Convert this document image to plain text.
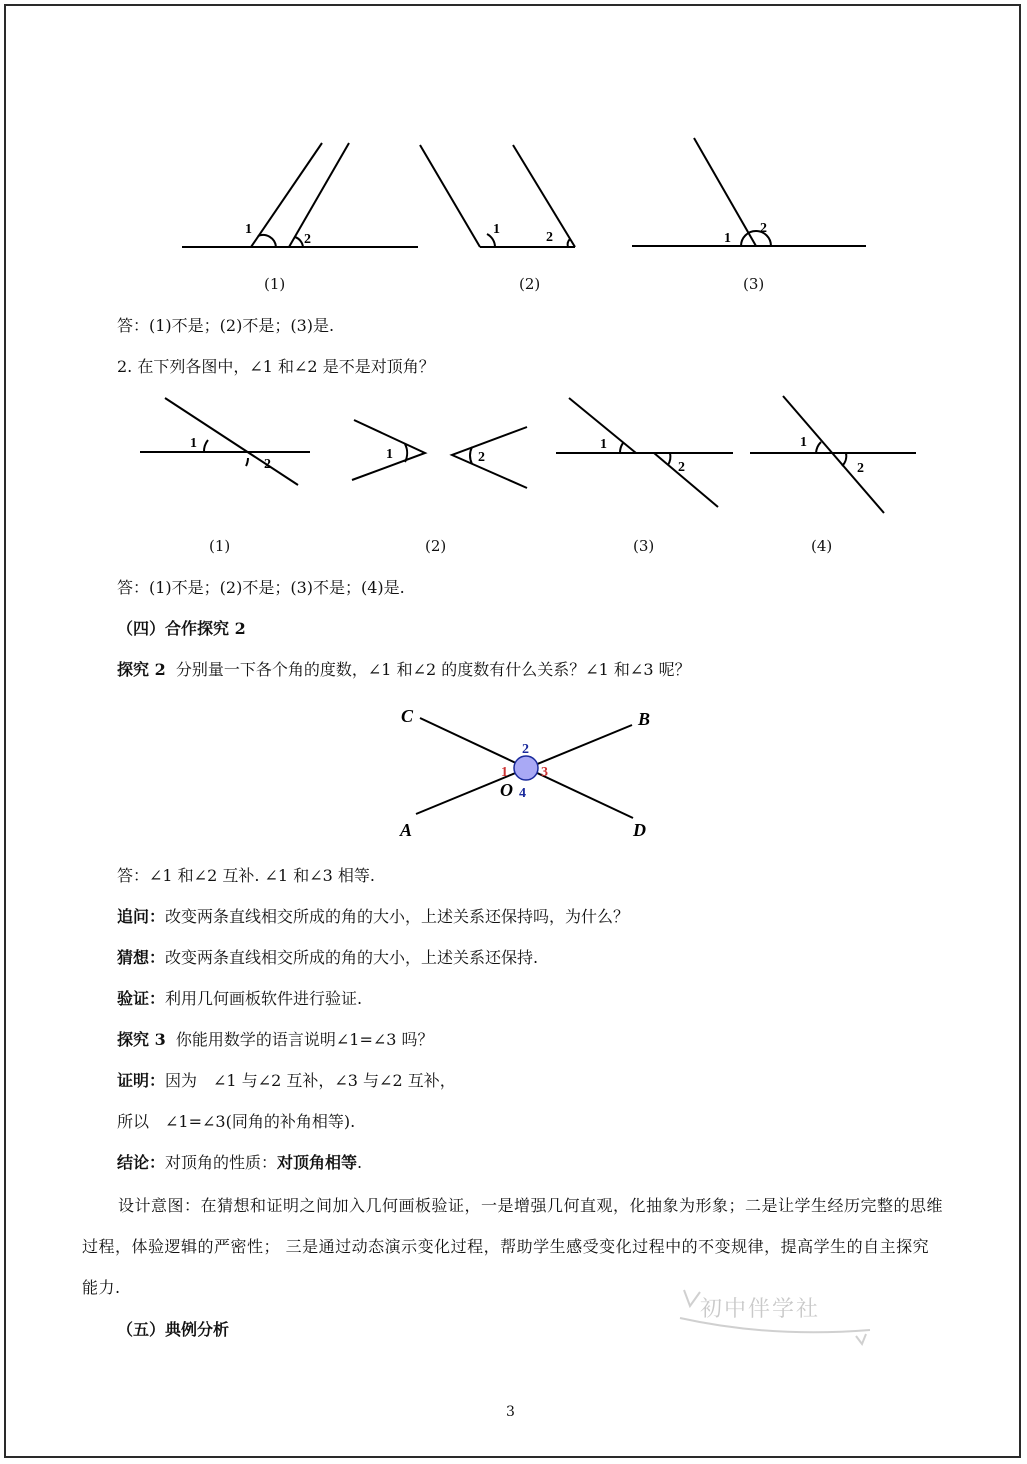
1
2
1
2	1
2
(1)	(2)	(3)
答：(1)不是；(2)不是；(3)是.
2. 在下列各图中，∠1 和∠2 是不是对顶角？
1
2
1	2
1
2
1
2
(1)	(2)	(3)	(4)
答：(1)不是；(2)不是；(3)不是；(4)是.
（四）合作探究 2
探究 2 分别量一下各个角的度数，∠1 和∠2 的度数有什么关系？∠1 和∠3 呢？
C	B
A	D
O
1
2
3
4
答：∠1 和∠2 互补. ∠1 和∠3 相等.
追问：改变两条直线相交所成的角的大小，上述关系还保持吗，为什么？
猜想：改变两条直线相交所成的角的大小，上述关系还保持.
验证：利用几何画板软件进行验证.
探究 3 你能用数学的语言说明∠1=∠3 吗？
证明：因为　∠1 与∠2 互补，∠3 与∠2 互补，
所以　∠1=∠3(同角的补角相等).
结论：对顶角的性质：对顶角相等.
设计意图：在猜想和证明之间加入几何画板验证，一是增强几何直观，化抽象为形象；二是让学生经历完整的思维过程，体验逻辑的严密性； 三是通过动态演示变化过程，帮助学生感受变化过程中的不变规律，提高学生的自主探究能力.
初中伴学社
（五）典例分析
3
